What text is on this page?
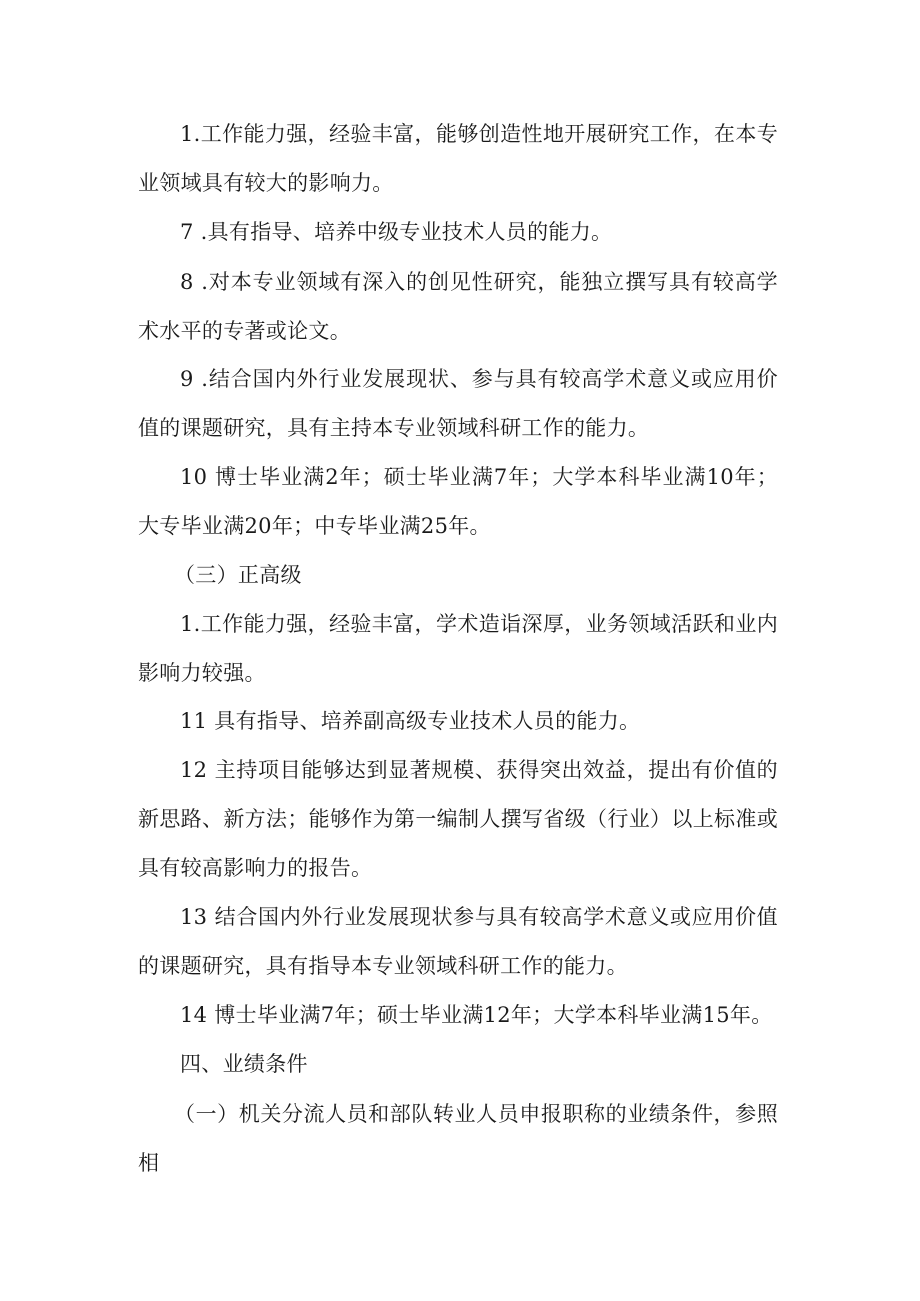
1.工作能力强，经验丰富，能够创造性地开展研究工作，在本专业领域具有较大的影响力。

7 .具有指导、培养中级专业技术人员的能力。

8 .对本专业领域有深入的创见性研究，能独立撰写具有较高学术水平的专著或论文。

9 .结合国内外行业发展现状、参与具有较高学术意义或应用价值的课题研究，具有主持本专业领域科研工作的能力。

10 博士毕业满2年；硕士毕业满7年；大学本科毕业满10年；大专毕业满20年；中专毕业满25年。

（三）正高级

1.工作能力强，经验丰富，学术造诣深厚，业务领域活跃和业内影响力较强。

11 具有指导、培养副高级专业技术人员的能力。

12 主持项目能够达到显著规模、获得突出效益，提出有价值的新思路、新方法；能够作为第一编制人撰写省级（行业）以上标准或具有较高影响力的报告。

13 结合国内外行业发展现状参与具有较高学术意义或应用价值的课题研究，具有指导本专业领域科研工作的能力。

14 博士毕业满7年；硕士毕业满12年；大学本科毕业满15年。

四、业绩条件

（一）机关分流人员和部队转业人员申报职称的业绩条件，参照相
